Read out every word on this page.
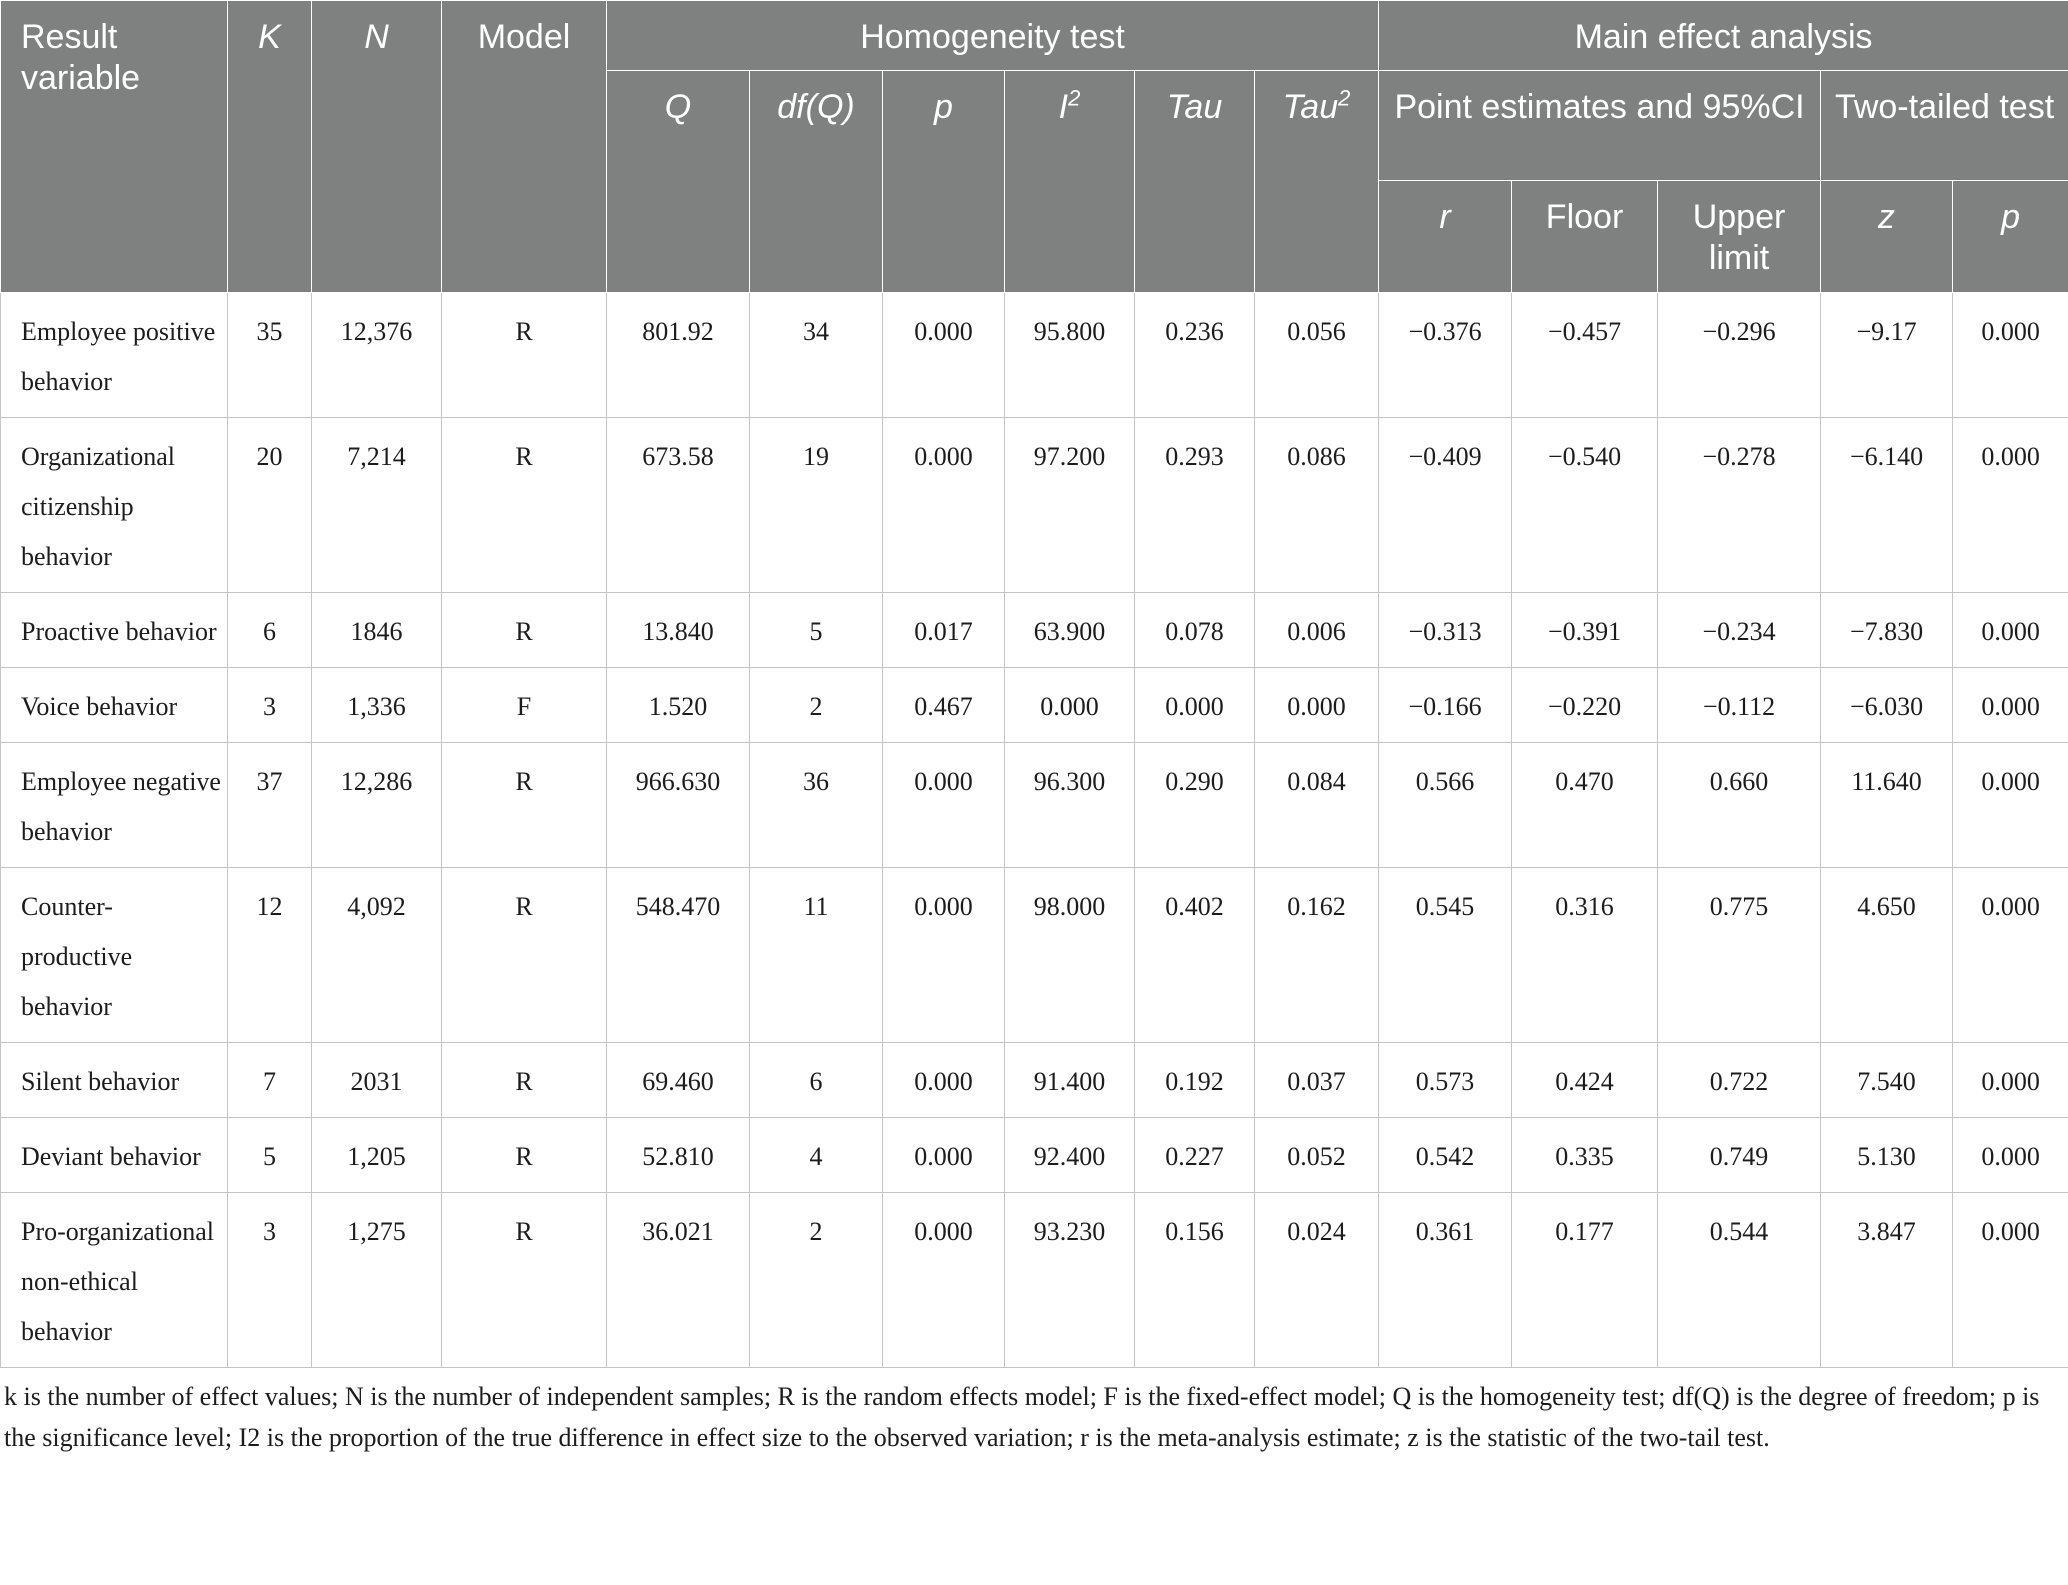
Result variable	K	N	Model	Homogeneity test						Main effect analysis				
				Q	df(Q)	p	$I^2$	Tau	Tau$^2$	Point estimates and 95%CI			Two-tailed test	
										r	Floor	Upper limit	z	p
Employee positive behavior	35	12,376	R	801.92	34	0.000	95.800	0.236	0.056	−0.376	−0.457	−0.296	−9.17	0.000
Organizational citizenship behavior	20	7,214	R	673.58	19	0.000	97.200	0.293	0.086	−0.409	−0.540	−0.278	−6.140	0.000
Proactive behavior	6	1846	R	13.840	5	0.017	63.900	0.078	0.006	−0.313	−0.391	−0.234	−7.830	0.000
Voice behavior	3	1,336	F	1.520	2	0.467	0.000	0.000	0.000	−0.166	−0.220	−0.112	−6.030	0.000
Employee negative behavior	37	12,286	R	966.630	36	0.000	96.300	0.290	0.084	0.566	0.470	0.660	11.640	0.000
Counter-productive behavior	12	4,092	R	548.470	11	0.000	98.000	0.402	0.162	0.545	0.316	0.775	4.650	0.000
Silent behavior	7	2031	R	69.460	6	0.000	91.400	0.192	0.037	0.573	0.424	0.722	7.540	0.000
Deviant behavior	5	1,205	R	52.810	4	0.000	92.400	0.227	0.052	0.542	0.335	0.749	5.130	0.000
Pro-organizational non-ethical behavior	3	1,275	R	36.021	2	0.000	93.230	0.156	0.024	0.361	0.177	0.544	3.847	0.000

k is the number of effect values; N is the number of independent samples; R is the random effects model; F is the fixed-effect model; Q is the homogeneity test; df(Q) is the degree of freedom; p is the significance level; I2 is the proportion of the true difference in effect size to the observed variation; r is the meta-analysis estimate; z is the statistic of the two-tail test.
